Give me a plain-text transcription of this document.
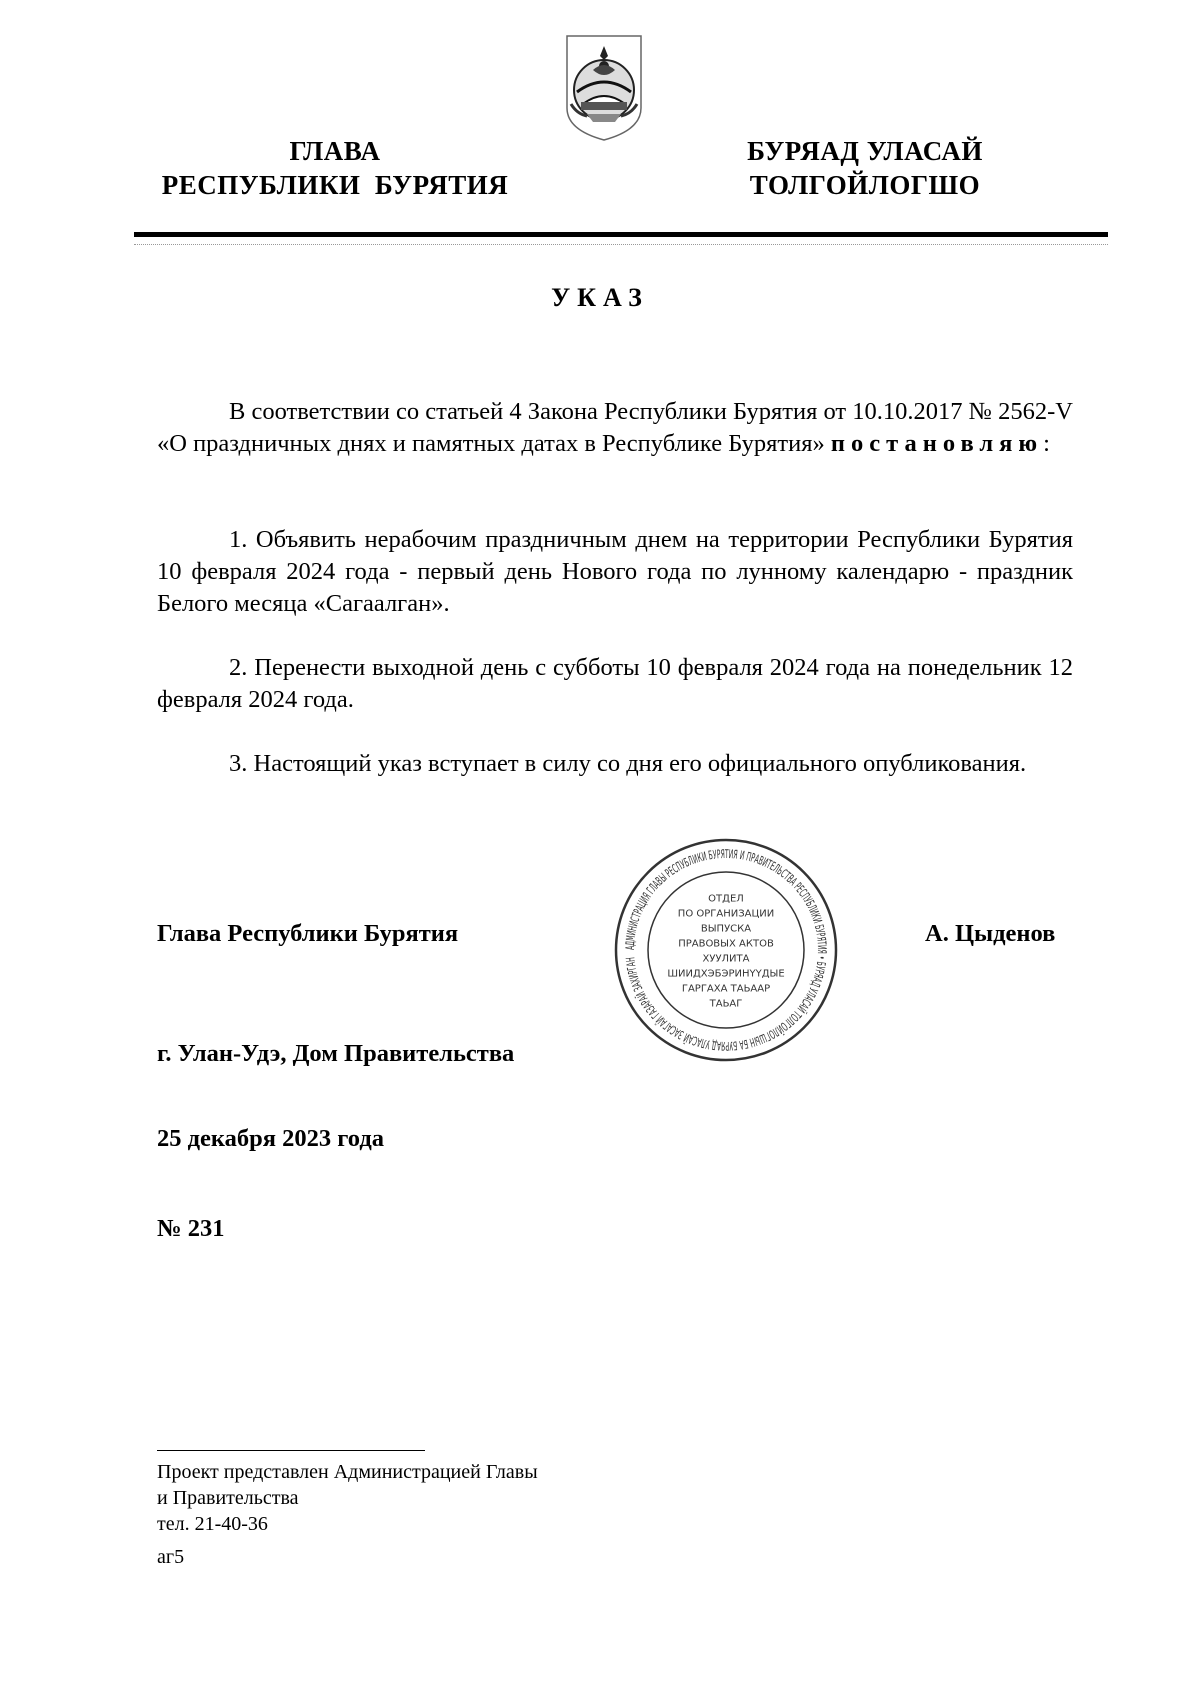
ГЛАВА
РЕСПУБЛИКИ  БУРЯТИЯ
БУРЯАД УЛАСАЙ
ТОЛГОЙЛОГШО
УКАЗ
В соответствии со статьей 4 Закона Республики Бурятия от 10.10.2017 № 2562-V «О праздничных днях и памятных датах в Республике Бурятия» постановляю:
1. Объявить нерабочим праздничным днем на территории Республики Бурятия 10 февраля 2024 года - первый день Нового года по лунному календарю - праздник Белого месяца «Сагаалган».
2. Перенести выходной день с субботы 10 февраля 2024 года на понедельник 12 февраля 2024 года.
3. Настоящий указ вступает в силу со дня его официального опубликования.
Глава Республики Бурятия	А. Цыденов
АДМИНИСТРАЦИЯ ГЛАВЫ РЕСПУБЛИКИ БУРЯТИЯ И ПРАВИТЕЛЬСТВА РЕСПУБЛИКИ БУРЯТИЯ • БУРЯАД УЛАСАЙ ТОЛГОЙЛОГШЫН БА БУРЯАД УЛАСАЙ ЗАСАГАЙ ГАЗАРАЙ ЗАХИРГАН
ОТДЕЛ
ПО ОРГАНИЗАЦИИ
ВЫПУСКА
ПРАВОВЫХ АКТОВ
ХУУЛИТА
ШИИДХЭБЭРИНҮҮДЫЕ
ГАРГАХА ТАЬААР
ТАЬАГ
г. Улан-Удэ, Дом Правительства
25 декабря 2023 года
№ 231
Проект представлен Администрацией Главы
и Правительства
тел. 21-40-36
аг5
